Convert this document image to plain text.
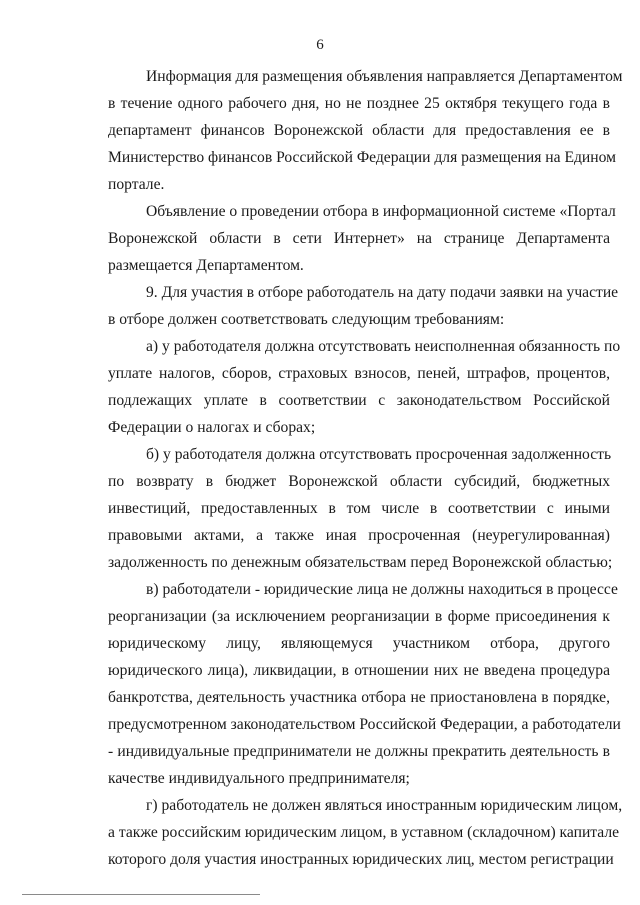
6
Информация для размещения объявления направляется Департаментом
в течение одного рабочего дня, но не позднее 25 октября текущего года в
департамент финансов Воронежской области для предоставления ее в
Министерство финансов Российской Федерации для размещения на Едином
портале.
Объявление о проведении отбора в информационной системе «Портал
Воронежской области в сети Интернет» на странице Департамента
размещается Департаментом.
9. Для участия в отборе работодатель на дату подачи заявки на участие
в отборе должен соответствовать следующим требованиям:
а) у работодателя должна отсутствовать неисполненная обязанность по
уплате налогов, сборов, страховых взносов, пеней, штрафов, процентов,
подлежащих уплате в соответствии с законодательством Российской
Федерации о налогах и сборах;
б) у работодателя должна отсутствовать просроченная задолженность
по возврату в бюджет Воронежской области субсидий, бюджетных
инвестиций, предоставленных в том числе в соответствии с иными
правовыми актами, а также иная просроченная (неурегулированная)
задолженность по денежным обязательствам перед Воронежской областью;
в) работодатели - юридические лица не должны находиться в процессе
реорганизации (за исключением реорганизации в форме присоединения к
юридическому лицу, являющемуся участником отбора, другого
юридического лица), ликвидации, в отношении них не введена процедура
банкротства, деятельность участника отбора не приостановлена в порядке,
предусмотренном законодательством Российской Федерации, а работодатели
- индивидуальные предприниматели не должны прекратить деятельность в
качестве индивидуального предпринимателя;
г) работодатель не должен являться иностранным юридическим лицом,
а также российским юридическим лицом, в уставном (складочном) капитале
которого доля участия иностранных юридических лиц, местом регистрации
